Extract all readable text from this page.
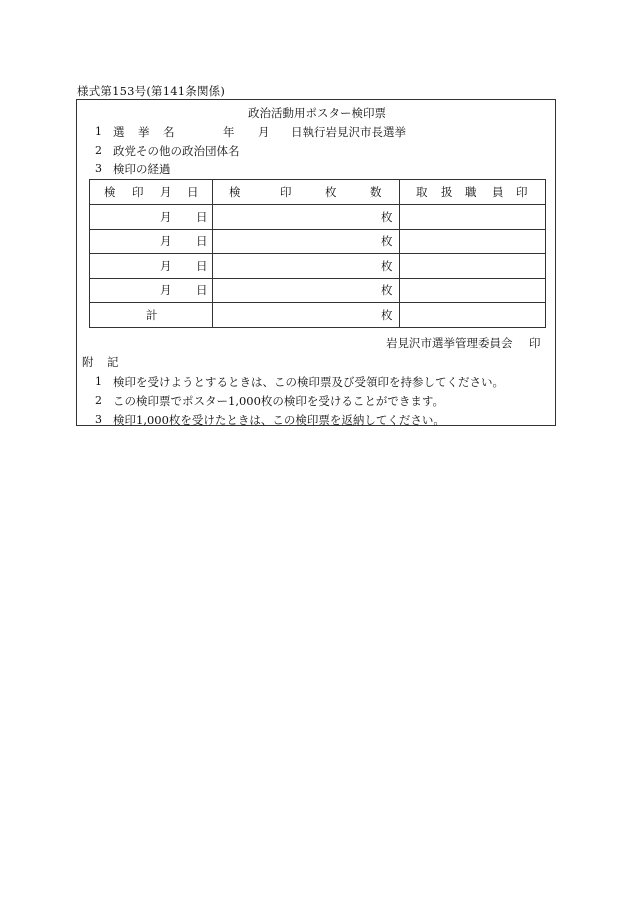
様式第153号(第141条関係)
政治活動用ポスター検印票
1 選 挙 名	年 月 日執行岩見沢市長選挙
2 政党その他の政治団体名
3 検印の経過
検 印 月 日	検 印 枚 数	取 扱 職 員 印

月 日	枚	

月 日	枚	

月 日	枚	

月 日	枚	

計	枚	

岩見沢市選挙管理委員会 印
附 記
1 検印を受けようとするときは、この検印票及び受領印を持参してください。
2 この検印票でポスター1,000枚の検印を受けることができます。
3 検印1,000枚を受けたときは、この検印票を返納してください。
